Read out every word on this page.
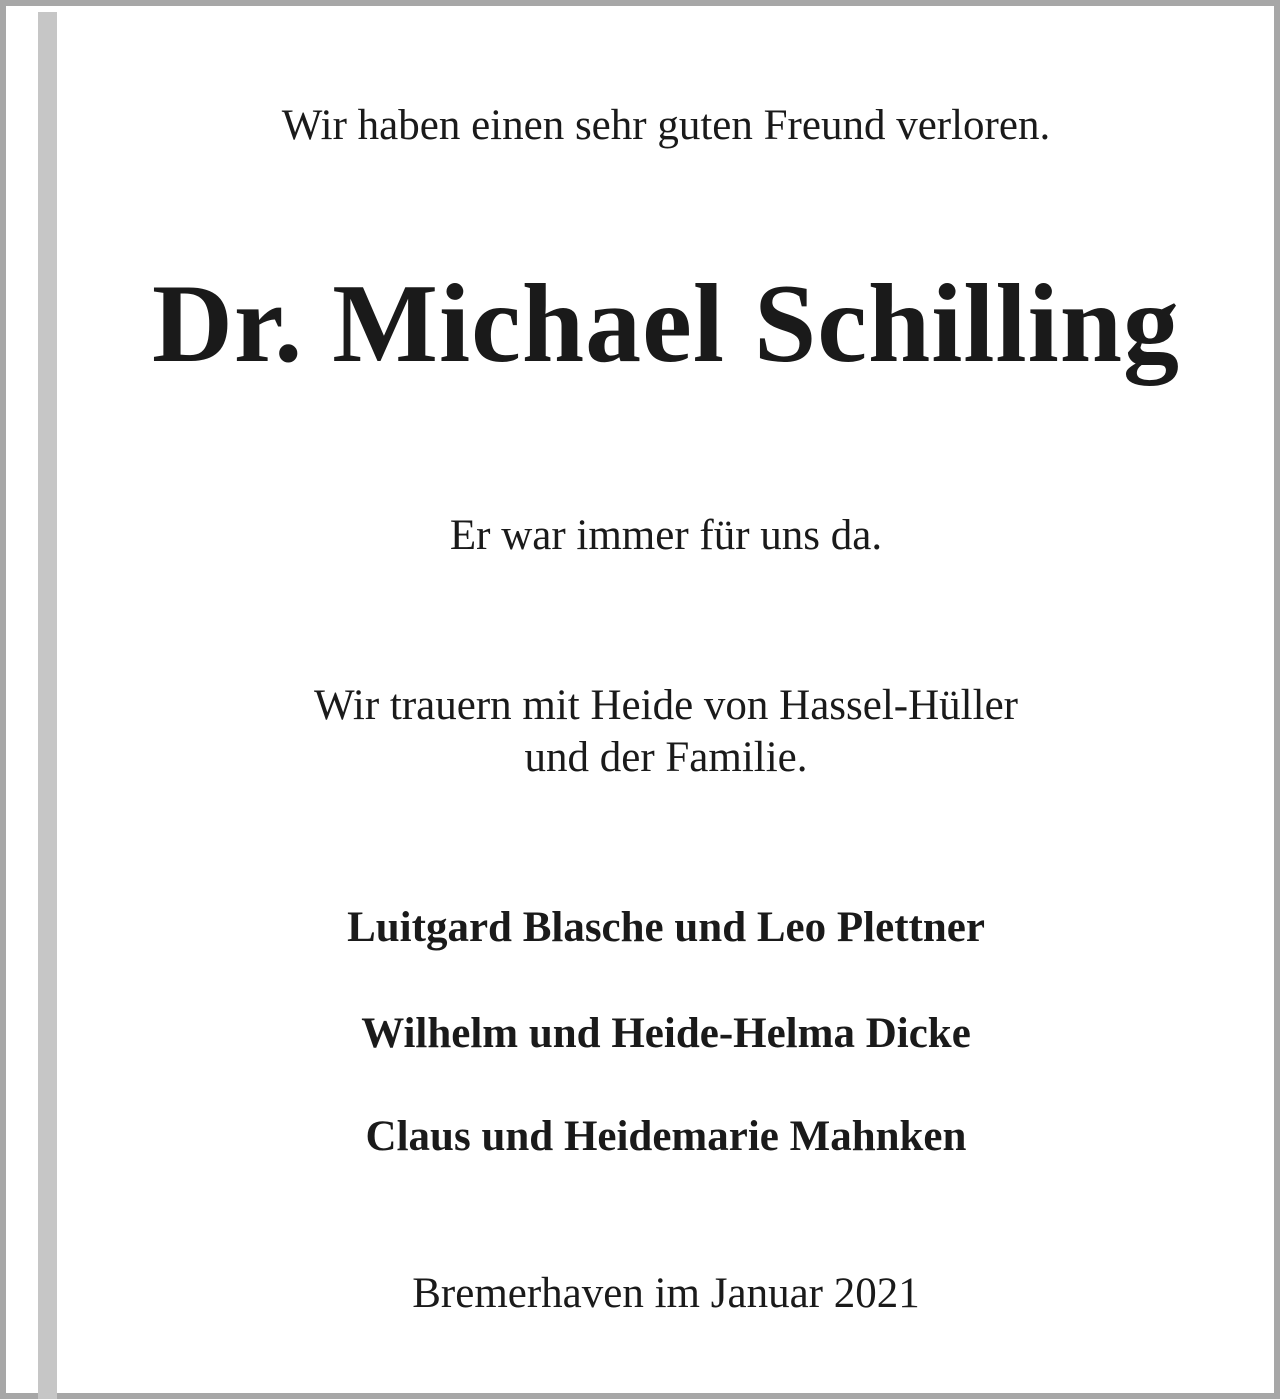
Wir haben einen sehr guten Freund verloren.
Dr. Michael Schilling
Er war immer für uns da.
Wir trauern mit Heide von Hassel-Hüller
und der Familie.
Luitgard Blasche und Leo Plettner
Wilhelm und Heide-Helma Dicke
Claus und Heidemarie Mahnken
Bremerhaven im Januar 2021
